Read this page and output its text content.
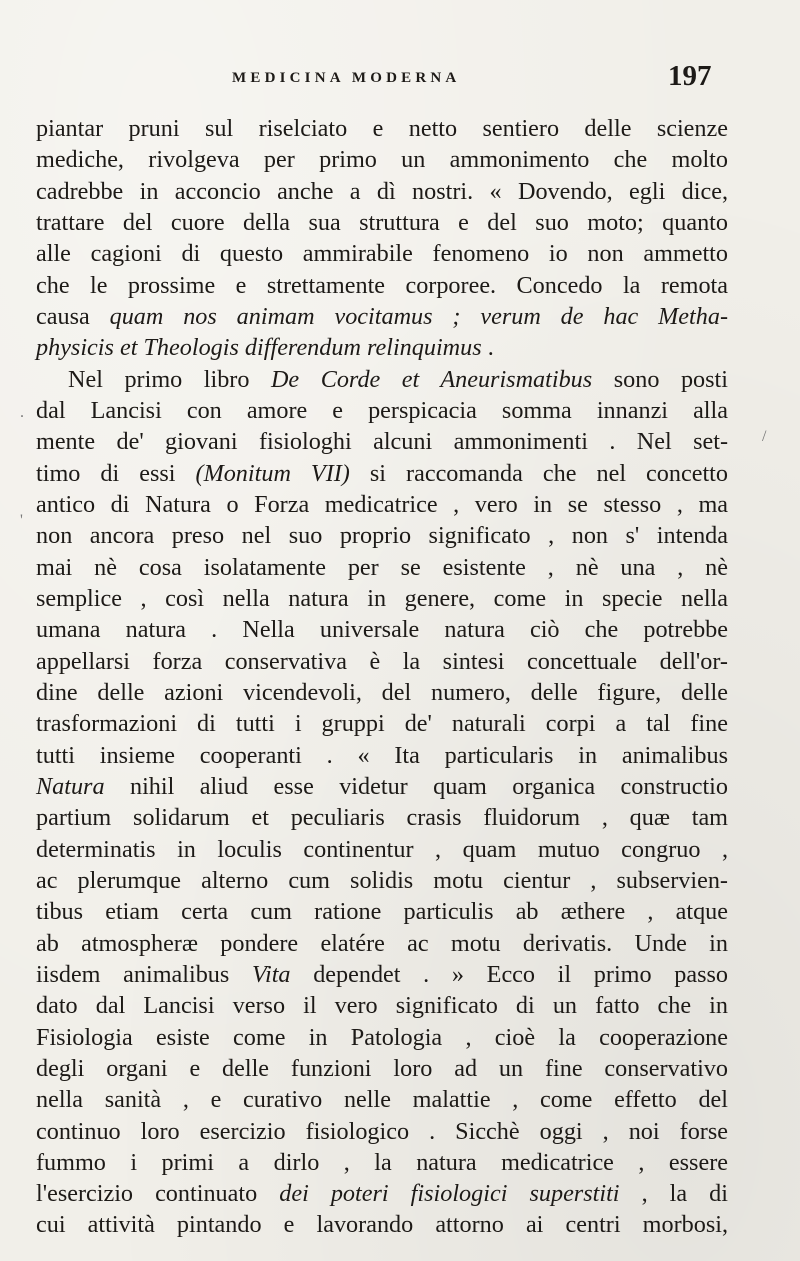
MEDICINA MODERNA	197
piantar pruni sul riselciato e netto sentiero delle scienze
mediche, rivolgeva per primo un ammonimento che molto
cadrebbe in acconcio anche a dì nostri. « Dovendo, egli dice,
trattare del cuore della sua struttura e del suo moto; quanto
alle cagioni di questo ammirabile fenomeno io non ammetto
che le prossime e strettamente corporee. Concedo la remota
causa quam nos animam vocitamus ; verum de hac Metha-
physicis et Theologis differendum relinquimus .
Nel primo libro De Corde et Aneurismatibus sono posti
dal Lancisi con amore e perspicacia somma innanzi alla
mente de' giovani fisiologhi alcuni ammonimenti . Nel set-
timo di essi (Monitum VII) si raccomanda che nel concetto
antico di Natura o Forza medicatrice , vero in se stesso , ma
non ancora preso nel suo proprio significato , non s' intenda
mai nè cosa isolatamente per se esistente , nè una , nè
semplice , così nella natura in genere, come in specie nella
umana natura . Nella universale natura ciò che potrebbe
appellarsi forza conservativa è la sintesi concettuale dell'or-
dine delle azioni vicendevoli, del numero, delle figure, delle
trasformazioni di tutti i gruppi de' naturali corpi a tal fine
tutti insieme cooperanti . « Ita particularis in animalibus
Natura nihil aliud esse videtur quam organica constructio
partium solidarum et peculiaris crasis fluidorum , quæ tam
determinatis in loculis continentur , quam mutuo congruo ,
ac plerumque alterno cum solidis motu cientur , subservien-
tibus etiam certa cum ratione particulis ab æthere , atque
ab atmospheræ pondere elatére ac motu derivatis. Unde in
iisdem animalibus Vita dependet . » Ecco il primo passo
dato dal Lancisi verso il vero significato di un fatto che in
Fisiologia esiste come in Patologia , cioè la cooperazione
degli organi e delle funzioni loro ad un fine conservativo
nella sanità , e curativo nelle malattie , come effetto del
continuo loro esercizio fisiologico . Sicchè oggi , noi forse
fummo i primi a dirlo , la natura medicatrice , essere
l'esercizio continuato dei poteri fisiologici superstiti , la di
cui attività pintando e lavorando attorno ai centri morbosi,
/
.
'
